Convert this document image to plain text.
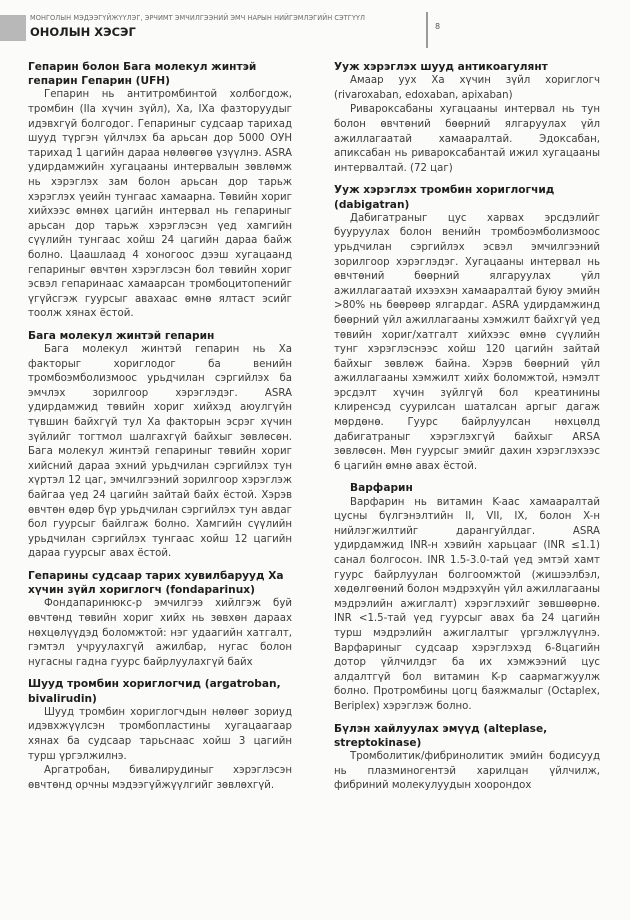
МОНГОЛЫН МЭДЭЭГҮЙЖҮҮЛЭГ, ЭРЧИМТ ЭМЧИЛГЭЭНИЙ ЭМЧ НАРЫН НИЙГЭМЛЭГИЙН СЭТГҮҮЛ
ОНОЛЫН ХЭСЭГ	8
Гепарин болон Бага молекул жинтэй гепарин Гепарин (UFH)

Гепарин нь антитромбинтой холбогдож, тромбин (IIa хүчин зүйл), Xa, IXa фазторуудыг идэвхгүй болгодог. Гепариныг судсаар тарихад шууд түргэн үйлчлэх ба арьсан дор 5000 ОУН тарихад 1 цагийн дараа нөлөөгөө үзүүлнэ. ASRA удирдамжийн хугацааны интервалын зөвлөмж нь хэрэглэх зам болон арьсан дор тарьж хэрэглэх үеийн тунгаас хамаарна. Төвийн хориг хийхээс өмнөх цагийн интервал нь гепариныг арьсан дор тарьж хэрэглэсэн үед хамгийн сүүлийн тунгаас хойш 24 цагийн дараа байж болно. Цаашлаад 4 хоногоос дээш хугацаанд гепариныг өвчтөн хэрэглэсэн бол төвийн хориг эсвэл гепаринаас хамаарсан тромбоцитопенийг үгүйсгэж гуурсыг авахаас өмнө ялтаст эсийг тоолж хянах ёстой.

Бага молекул жинтэй гепарин

Бага молекул жинтэй гепарин нь Xa факторыг хориглодог ба венийн тромбоэмболизмоос урьдчилан сэргийлэх ба эмчлэх зорилгоор хэрэглэдэг. ASRA удирдамжид төвийн хориг хийхэд аюулгүйн түвшин байхгүй тул Xa факторын эсрэг хүчин зүйлийг тогтмол шалгахгүй байхыг зөвлөсөн. Бага молекул жинтэй гепариныг төвийн хориг хийсний дараа эхний урьдчилан сэргийлэх тун хүртэл 12 цаг, эмчилгээний зорилгоор хэрэглэж байгаа үед 24 цагийн зайтай байх ёстой. Хэрэв өвчтөн өдөр бүр урьдчилан сэргийлэх тун авдаг бол гуурсыг байлгаж болно. Хамгийн сүүлийн урьдчилан сэргийлэх тунгаас хойш 12 цагийн дараа гуурсыг авах ёстой.

Гепарины судсаар тарих хувилбарууд Xa хүчин зүйл хориглогч (fondaparinux)

Фондапаринюкс-р эмчилгээ хийлгэж буй өвчтөнд төвийн хориг хийх нь зөвхөн дараах нөхцөлүүдэд боломжтой: нэг удаагийн хатгалт, гэмтэл учруулахгүй ажилбар, нугас болон нугасны гадна гуурс байрлуулахгүй байх

Шууд тромбин хориглогчид (argatroban, bivalirudin)

Шууд тромбин хориглогчдын нөлөөг зориуд идэвхжүүлсэн тромбопластины хугацаагаар хянах ба судсаар тарьснаас хойш 3 цагийн турш үргэлжилнэ.

Аргатробан, бивалирудиныг хэрэглэсэн өвчтөнд орчны мэдээгүйжүүлгийг зөвлөхгүй.

Ууж хэрэглэх шууд антикоагулянт

Амаар уух Xa хүчин зүйл хориглогч (rivaroxaban, edoxaban, apixaban)

Ривароксабаны хугацааны интервал нь тун болон өвчтөний бөөрний ялгаруулах үйл ажиллагаатай хамааралтай. Эдоксабан, апиксабан нь ривароксабантай ижил хугацааны интервалтай. (72 цаг)

Ууж хэрэглэх тромбин хориглогчид (dabigatran)

Дабигатраныг цус харвах эрсдэлийг бууруулах болон венийн тромбоэмболизмоос урьдчилан сэргийлэх эсвэл эмчилгээний зорилгоор хэрэглэдэг. Хугацааны интервал нь өвчтөний бөөрний ялгаруулах үйл ажиллагаатай ихээхэн хамааралтай буюу эмийн >80% нь бөөрөөр ялгардаг. ASRA удирдамжинд бөөрний үйл ажиллагааны хэмжилт байхгүй үед төвийн хориг/хатгалт хийхээс өмнө сүүлийн тунг хэрэглэснээс хойш 120 цагийн зайтай байхыг зөвлөж байна. Хэрэв бөөрний үйл ажиллагааны хэмжилт хийх боломжтой, нэмэлт эрсдэлт хүчин зүйлгүй бол креатинины клиренсэд суурилсан шаталсан аргыг дагаж мөрдөнө. Гуурс байрлуулсан нөхцөлд дабигатраныг хэрэглэхгүй байхыг ARSA зөвлөсөн. Мөн гуурсыг эмийг дахин хэрэглэхээс 6 цагийн өмнө авах ёстой.

Варфарин

Варфарин нь витамин K-аас хамааралтай цусны бүлгэнэлтийн II, VII, IX, болон X-н нийлэгжилтийг дарангуйлдаг. ASRA удирдамжид INR-н хэвийн харьцааг (INR ≤1.1) санал болгосон. INR 1.5-3.0-тай үед эмтэй хамт гуурс байрлуулан болгоомжтой (жишээлбэл, хөдөлгөөний болон мэдрэхүйн үйл ажиллагааны мэдрэлийн ажиглалт) хэрэглэхийг зөвшөөрнө. INR <1.5-тай үед гуурсыг авах ба 24 цагийн турш мэдрэлийн ажиглалтыг үргэлжлүүлнэ. Варфариныг судсаар хэрэглэхэд 6-8цагийн дотор үйлчилдэг ба их хэмжээний цус алдалтгүй бол витамин K-р саармагжуулж болно. Протромбины цогц баяжмалыг (Octaplex, Beriplex) хэрэглэж болно.

Бүлэн хайлуулах эмүүд (alteplase, streptokinase)

Тромболитик/фибринолитик эмийн бодисууд нь плазминогентэй харилцан үйлчилж, фибриний молекулуудын хоорондох
